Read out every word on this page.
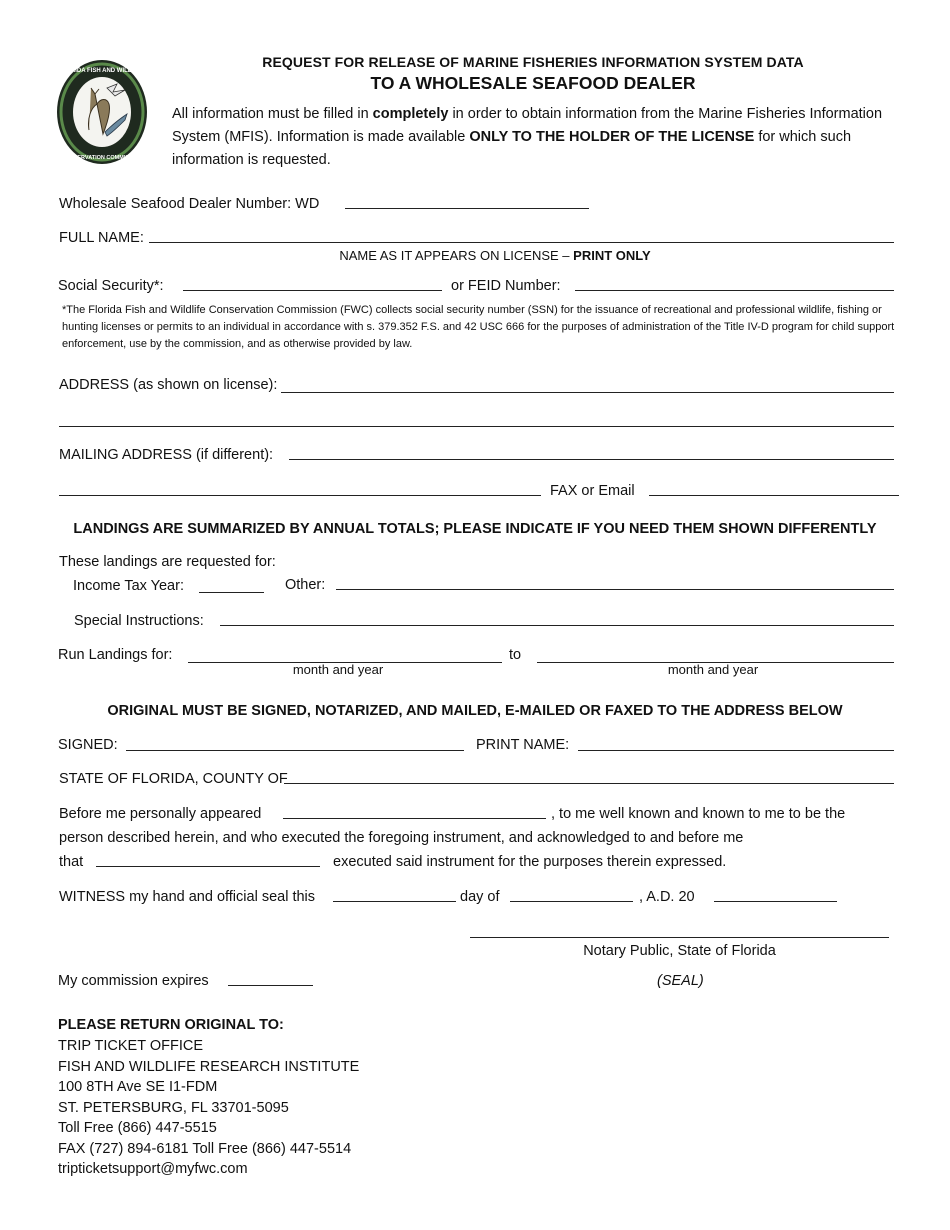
FLORIDA FISH AND WILDLIFE
CONSERVATION COMMISSION
REQUEST FOR RELEASE OF MARINE FISHERIES INFORMATION SYSTEM DATA
TO A WHOLESALE SEAFOOD DEALER
All information must be filled in completely in order to obtain information from the Marine Fisheries Information System (MFIS). Information is made available ONLY TO THE HOLDER OF THE LICENSE for which such information is requested.
Wholesale Seafood Dealer Number: WD
FULL NAME:
NAME AS IT APPEARS ON LICENSE – PRINT ONLY
Social Security*:	or FEID Number:
*The Florida Fish and Wildlife Conservation Commission (FWC) collects social security number (SSN) for the issuance of recreational and professional wildlife, fishing or hunting licenses or permits to an individual in accordance with s. 379.352 F.S. and 42 USC 666 for the purposes of administration of the Title IV-D program for child support enforcement, use by the commission, and as otherwise provided by law.
ADDRESS (as shown on license):
MAILING ADDRESS (if different):
FAX or Email
LANDINGS ARE SUMMARIZED BY ANNUAL TOTALS; PLEASE INDICATE IF YOU NEED THEM SHOWN DIFFERENTLY
These landings are requested for:
Income Tax Year:	Other:
Special Instructions:
Run Landings for:
month and year
to
month and year
ORIGINAL MUST BE SIGNED, NOTARIZED, AND MAILED, E-MAILED OR FAXED TO THE ADDRESS BELOW
SIGNED:	PRINT NAME:
STATE OF FLORIDA, COUNTY OF
Before me personally appeared	, to me well known and known to me to be the
person described herein, and who executed the foregoing instrument, and acknowledged to and before me
that	executed said instrument for the purposes therein expressed.
WITNESS my hand and official seal this	day of	, A.D. 20
Notary Public, State of Florida
My commission expires	(SEAL)
PLEASE RETURN ORIGINAL TO:
TRIP TICKET OFFICE
FISH AND WILDLIFE RESEARCH INSTITUTE
100 8TH Ave SE I1-FDM
ST. PETERSBURG, FL 33701-5095
Toll Free (866) 447-5515
FAX (727) 894-6181 Toll Free (866) 447-5514
tripticketsupport@myfwc.com
